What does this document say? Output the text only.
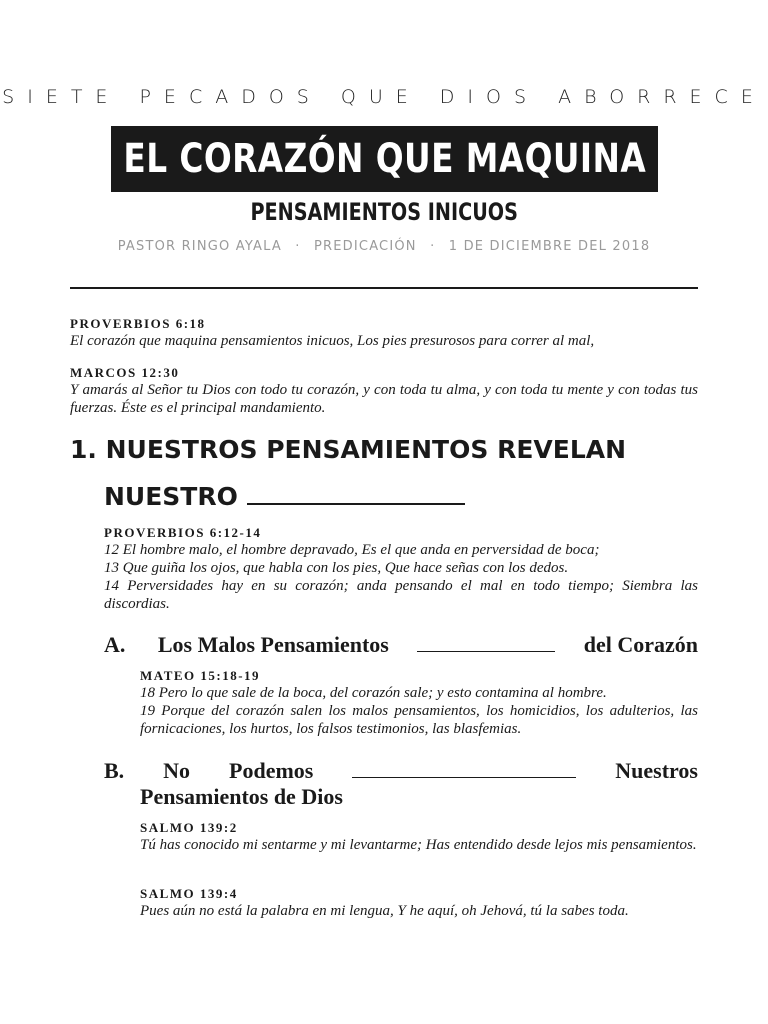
SIETE PECADOS QUE DIOS ABORRECE
EL CORAZÓN QUE MAQUINA
PENSAMIENTOS INICUOS
PASTOR RINGO AYALA · PREDICACIÓN · 1 DE DICIEMBRE DEL 2018
PROVERBIOS 6:18
El corazón que maquina pensamientos inicuos, Los pies presurosos para correr al mal,
MARCOS 12:30
Y amarás al Señor tu Dios con todo tu corazón, y con toda tu alma, y con toda tu mente y con todas tus fuerzas. Éste es el principal mandamiento.
1. NUESTROS PENSAMIENTOS REVELAN
NUESTRO
PROVERBIOS 6:12-14
12 El hombre malo, el hombre depravado, Es el que anda en perversidad de boca;
13 Que guiña los ojos, que habla con los pies, Que hace señas con los dedos.
14 Perversidades hay en su corazón; anda pensando el mal en todo tiempo; Siembra las discordias.
A. Los Malos Pensamientos	del Corazón
MATEO 15:18-19
18 Pero lo que sale de la boca, del corazón sale; y esto contamina al hombre.
19 Porque del corazón salen los malos pensamientos, los homicidios, los adulterios, las fornicaciones, los hurtos, los falsos testimonios, las blasfemias.
B. No Podemos	Nuestros
Pensamientos de Dios
SALMO 139:2
Tú has conocido mi sentarme y mi levantarme; Has entendido desde lejos mis pensamientos.
SALMO 139:4
Pues aún no está la palabra en mi lengua, Y he aquí, oh Jehová, tú la sabes toda.
